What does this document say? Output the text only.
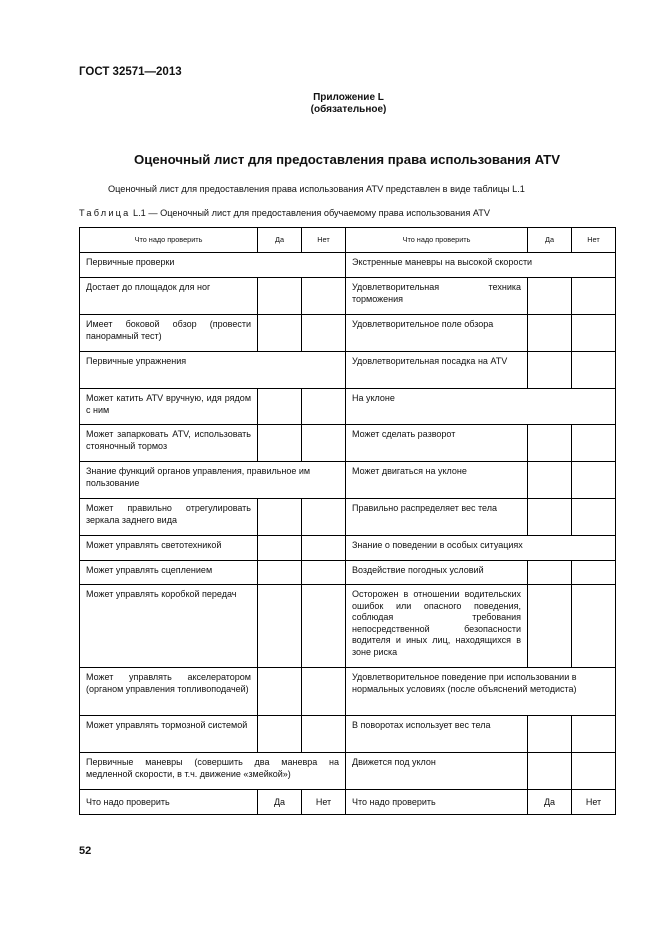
ГОСТ 32571—2013
Приложение L
(обязательное)
Оценочный лист для предоставления права использования ATV
Оценочный лист для предоставления права использования ATV представлен в виде таблицы L.1
Таблица L.1 — Оценочный лист для предоставления обучаемому права использования ATV
Что надо проверить	Да	Нет	Что надо проверить	Да	Нет
Первичные проверки			Экстренные маневры на высокой скорости		
Достает до площадок для ног			Удовлетворительная техника торможения		
Имеет боковой обзор (провести панорамный тест)			Удовлетворительное поле обзора		
Первичные упражнения			Удовлетворительная посадка на ATV		
Может катить ATV вручную, идя рядом с ним			На уклоне		
Может запарковать ATV, использовать стояночный тормоз			Может сделать разворот		
Знание функций органов управления, правильное им пользование			Может двигаться на уклоне		
Может правильно отрегулировать зеркала заднего вида			Правильно распределяет вес тела		
Может управлять светотехникой			Знание о поведении в особых ситуациях		
Может управлять сцеплением			Воздействие погодных условий		
Может управлять коробкой передач			Осторожен в отношении водительских ошибок или опасного поведения, соблюдая требования непосредственной безопасности водителя и иных лиц, находящихся в зоне риска		
Может управлять акселератором (органом управления топливоподачей)			Удовлетворительное поведение при использовании в нормальных условиях (после объяснений методиста)		
Может управлять тормозной системой			В поворотах использует вес тела		
Первичные маневры (совершить два маневра на медленной скорости, в т.ч. движение «змейкой»)			Движется под уклон		
Что надо проверить	Да	Нет	Что надо проверить	Да	Нет
52
